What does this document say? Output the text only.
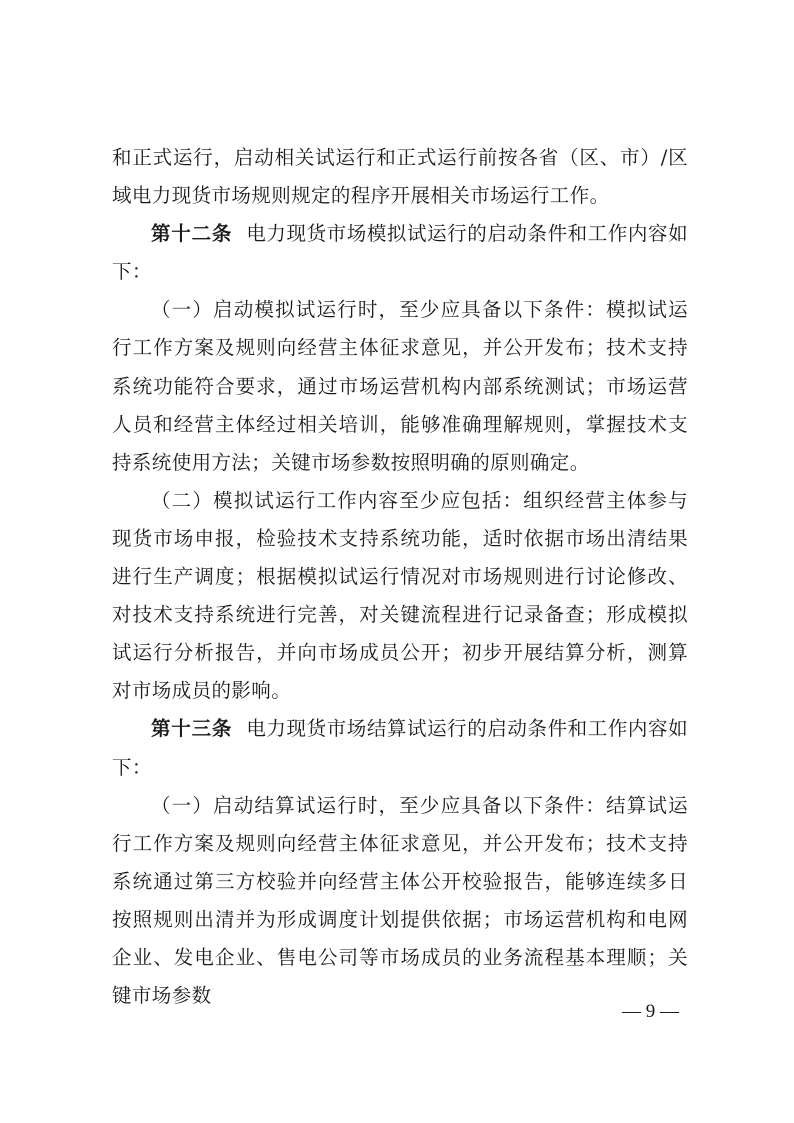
和正式运行，启动相关试运行和正式运行前按各省（区、市）/区域电力现货市场规则规定的程序开展相关市场运行工作。

第十二条 电力现货市场模拟试运行的启动条件和工作内容如下：

（一）启动模拟试运行时，至少应具备以下条件：模拟试运行工作方案及规则向经营主体征求意见，并公开发布；技术支持系统功能符合要求，通过市场运营机构内部系统测试；市场运营人员和经营主体经过相关培训，能够准确理解规则，掌握技术支持系统使用方法；关键市场参数按照明确的原则确定。

（二）模拟试运行工作内容至少应包括：组织经营主体参与现货市场申报，检验技术支持系统功能，适时依据市场出清结果进行生产调度；根据模拟试运行情况对市场规则进行讨论修改、对技术支持系统进行完善，对关键流程进行记录备查；形成模拟试运行分析报告，并向市场成员公开；初步开展结算分析，测算对市场成员的影响。

第十三条 电力现货市场结算试运行的启动条件和工作内容如下：

（一）启动结算试运行时，至少应具备以下条件：结算试运行工作方案及规则向经营主体征求意见，并公开发布；技术支持系统通过第三方校验并向经营主体公开校验报告，能够连续多日按照规则出清并为形成调度计划提供依据；市场运营机构和电网企业、发电企业、售电公司等市场成员的业务流程基本理顺；关键市场参数

— 9 —
